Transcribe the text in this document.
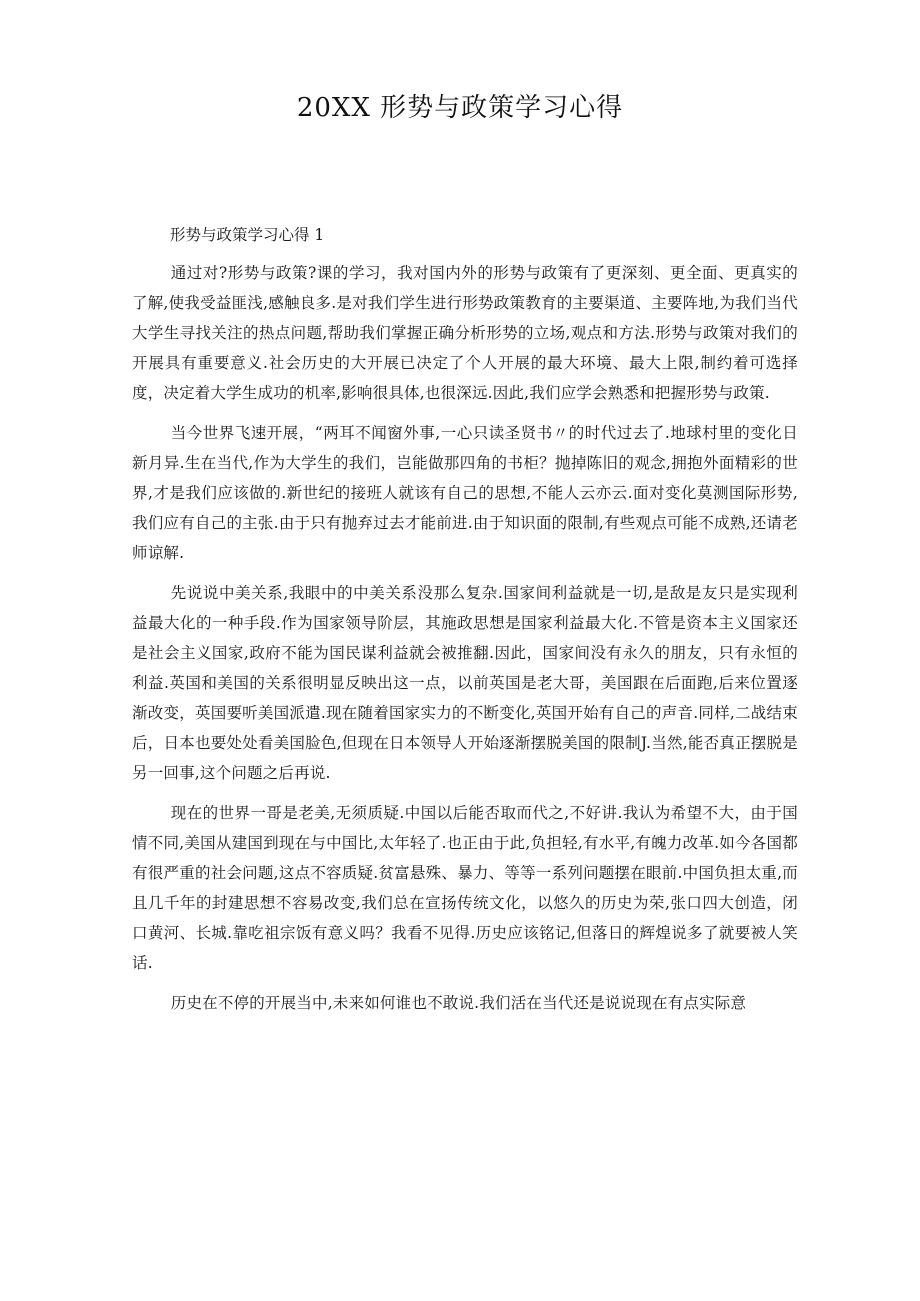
20XX 形势与政策学习心得
形势与政策学习心得 1

通过对?形势与政策?课的学习，我对国内外的形势与政策有了更深刻、更全面、更真实的了解,使我受益匪浅,感触良多.是对我们学生进行形势政策教育的主要渠道、主要阵地,为我们当代大学生寻找关注的热点问题,帮助我们掌握正确分析形势的立场,观点和方法.形势与政策对我们的开展具有重要意义.社会历史的大开展已决定了个人开展的最大环境、最大上限,制约着可选择度，决定着大学生成功的机率,影响很具体,也很深远.因此,我们应学会熟悉和把握形势与政策.

当今世界飞速开展，“两耳不闻窗外事,一心只读圣贤书〃的时代过去了.地球村里的变化日新月异.生在当代,作为大学生的我们，岂能做那四角的书柜？抛掉陈旧的观念,拥抱外面精彩的世界,才是我们应该做的.新世纪的接班人就该有自己的思想,不能人云亦云.面对变化莫测国际形势,我们应有自己的主张.由于只有抛弃过去才能前进.由于知识面的限制,有些观点可能不成熟,还请老师谅解.

先说说中美关系,我眼中的中美关系没那么复杂.国家间利益就是一切,是敌是友只是实现利益最大化的一种手段.作为国家领导阶层，其施政思想是国家利益最大化.不管是资本主义国家还是社会主义国家,政府不能为国民谋利益就会被推翻.因此，国家间没有永久的朋友，只有永恒的利益.英国和美国的关系很明显反映出这一点，以前英国是老大哥，美国跟在后面跑,后来位置逐渐改变，英国要听美国派遣.现在随着国家实力的不断变化,英国开始有自己的声音.同样,二战结束后，日本也要处处看美国脸色,但现在日本领导人开始逐渐摆脱美国的限制J.当然,能否真正摆脱是另一回事,这个问题之后再说.

现在的世界一哥是老美,无须质疑.中国以后能否取而代之,不好讲.我认为希望不大，由于国情不同,美国从建国到现在与中国比,太年轻了.也正由于此,负担轻,有水平,有魄力改革.如今各国都有很严重的社会问题,这点不容质疑.贫富悬殊、暴力、等等一系列问题摆在眼前.中国负担太重,而且几千年的封建思想不容易改变,我们总在宣扬传统文化，以悠久的历史为荣,张口四大创造，闭口黄河、长城.靠吃祖宗饭有意义吗？我看不见得.历史应该铭记,但落日的辉煌说多了就要被人笑话.

历史在不停的开展当中,未来如何谁也不敢说.我们活在当代还是说说现在有点实际意
